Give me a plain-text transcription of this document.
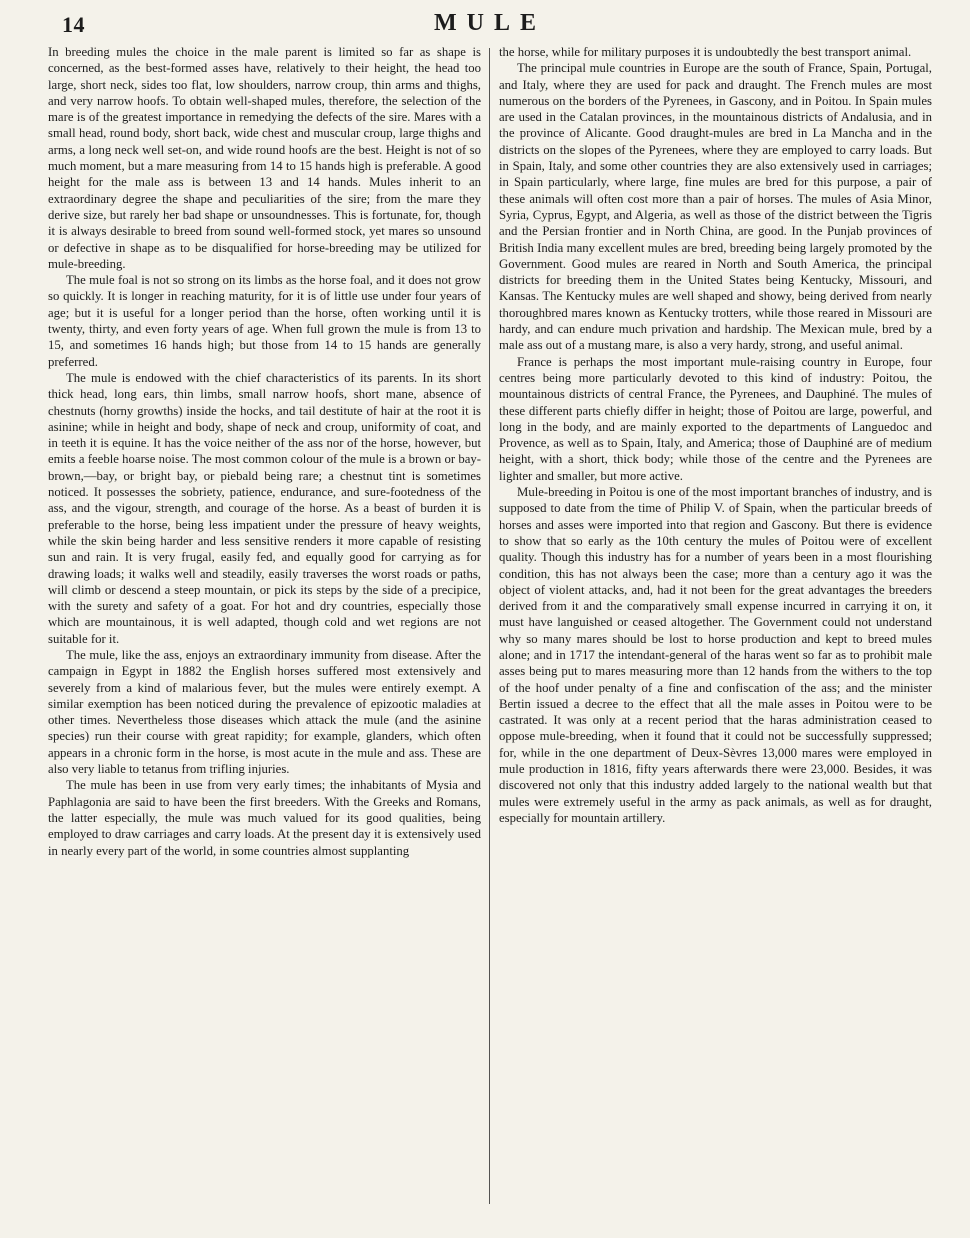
14	MULE

In breeding mules the choice in the male parent is limited so far as shape is concerned, as the best-formed asses have, relatively to their height, the head too large, short neck, sides too flat, low shoulders, narrow croup, thin arms and thighs, and very narrow hoofs. To obtain well-shaped mules, therefore, the selection of the mare is of the greatest importance in remedying the defects of the sire. Mares with a small head, round body, short back, wide chest and muscular croup, large thighs and arms, a long neck well set-on, and wide round hoofs are the best. Height is not of so much moment, but a mare measuring from 14 to 15 hands high is preferable. A good height for the male ass is between 13 and 14 hands. Mules inherit to an extraordinary degree the shape and peculiarities of the sire; from the mare they derive size, but rarely her bad shape or unsoundnesses. This is fortunate, for, though it is always desirable to breed from sound well-formed stock, yet mares so unsound or defective in shape as to be disqualified for horse-breeding may be utilized for mule-breeding.

The mule foal is not so strong on its limbs as the horse foal, and it does not grow so quickly. It is longer in reaching maturity, for it is of little use under four years of age; but it is useful for a longer period than the horse, often working until it is twenty, thirty, and even forty years of age. When full grown the mule is from 13 to 15, and sometimes 16 hands high; but those from 14 to 15 hands are generally preferred.

The mule is endowed with the chief characteristics of its parents. In its short thick head, long ears, thin limbs, small narrow hoofs, short mane, absence of chestnuts (horny growths) inside the hocks, and tail destitute of hair at the root it is asinine; while in height and body, shape of neck and croup, uniformity of coat, and in teeth it is equine. It has the voice neither of the ass nor of the horse, however, but emits a feeble hoarse noise. The most common colour of the mule is a brown or bay-brown,—bay, or bright bay, or piebald being rare; a chestnut tint is sometimes noticed. It possesses the sobriety, patience, endurance, and sure-footedness of the ass, and the vigour, strength, and courage of the horse. As a beast of burden it is preferable to the horse, being less impatient under the pressure of heavy weights, while the skin being harder and less sensitive renders it more capable of resisting sun and rain. It is very frugal, easily fed, and equally good for carrying as for drawing loads; it walks well and steadily, easily traverses the worst roads or paths, will climb or descend a steep mountain, or pick its steps by the side of a precipice, with the surety and safety of a goat. For hot and dry countries, especially those which are mountainous, it is well adapted, though cold and wet regions are not suitable for it.

The mule, like the ass, enjoys an extraordinary immunity from disease. After the campaign in Egypt in 1882 the English horses suffered most extensively and severely from a kind of malarious fever, but the mules were entirely exempt. A similar exemption has been noticed during the prevalence of epizootic maladies at other times. Nevertheless those diseases which attack the mule (and the asinine species) run their course with great rapidity; for example, glanders, which often appears in a chronic form in the horse, is most acute in the mule and ass. These are also very liable to tetanus from trifling injuries.

The mule has been in use from very early times; the inhabitants of Mysia and Paphlagonia are said to have been the first breeders. With the Greeks and Romans, the latter especially, the mule was much valued for its good qualities, being employed to draw carriages and carry loads. At the present day it is extensively used in nearly every part of the world, in some countries almost supplanting

the horse, while for military purposes it is undoubtedly the best transport animal.

The principal mule countries in Europe are the south of France, Spain, Portugal, and Italy, where they are used for pack and draught. The French mules are most numerous on the borders of the Pyrenees, in Gascony, and in Poitou. In Spain mules are used in the Catalan provinces, in the mountainous districts of Andalusia, and in the province of Alicante. Good draught-mules are bred in La Mancha and in the districts on the slopes of the Pyrenees, where they are employed to carry loads. But in Spain, Italy, and some other countries they are also extensively used in carriages; in Spain particularly, where large, fine mules are bred for this purpose, a pair of these animals will often cost more than a pair of horses. The mules of Asia Minor, Syria, Cyprus, Egypt, and Algeria, as well as those of the district between the Tigris and the Persian frontier and in North China, are good. In the Punjab provinces of British India many excellent mules are bred, breeding being largely promoted by the Government. Good mules are reared in North and South America, the principal districts for breeding them in the United States being Kentucky, Missouri, and Kansas. The Kentucky mules are well shaped and showy, being derived from nearly thoroughbred mares known as Kentucky trotters, while those reared in Missouri are hardy, and can endure much privation and hardship. The Mexican mule, bred by a male ass out of a mustang mare, is also a very hardy, strong, and useful animal.

France is perhaps the most important mule-raising country in Europe, four centres being more particularly devoted to this kind of industry: Poitou, the mountainous districts of central France, the Pyrenees, and Dauphiné. The mules of these different parts chiefly differ in height; those of Poitou are large, powerful, and long in the body, and are mainly exported to the departments of Languedoc and Provence, as well as to Spain, Italy, and America; those of Dauphiné are of medium height, with a short, thick body; while those of the centre and the Pyrenees are lighter and smaller, but more active.

Mule-breeding in Poitou is one of the most important branches of industry, and is supposed to date from the time of Philip V. of Spain, when the particular breeds of horses and asses were imported into that region and Gascony. But there is evidence to show that so early as the 10th century the mules of Poitou were of excellent quality. Though this industry has for a number of years been in a most flourishing condition, this has not always been the case; more than a century ago it was the object of violent attacks, and, had it not been for the great advantages the breeders derived from it and the comparatively small expense incurred in carrying it on, it must have languished or ceased altogether. The Government could not understand why so many mares should be lost to horse production and kept to breed mules alone; and in 1717 the intendant-general of the haras went so far as to prohibit male asses being put to mares measuring more than 12 hands from the withers to the top of the hoof under penalty of a fine and confiscation of the ass; and the minister Bertin issued a decree to the effect that all the male asses in Poitou were to be castrated. It was only at a recent period that the haras administration ceased to oppose mule-breeding, when it found that it could not be successfully suppressed; for, while in the one department of Deux-Sèvres 13,000 mares were employed in mule production in 1816, fifty years afterwards there were 23,000. Besides, it was discovered not only that this industry added largely to the national wealth but that mules were extremely useful in the army as pack animals, as well as for draught, especially for mountain artillery.
